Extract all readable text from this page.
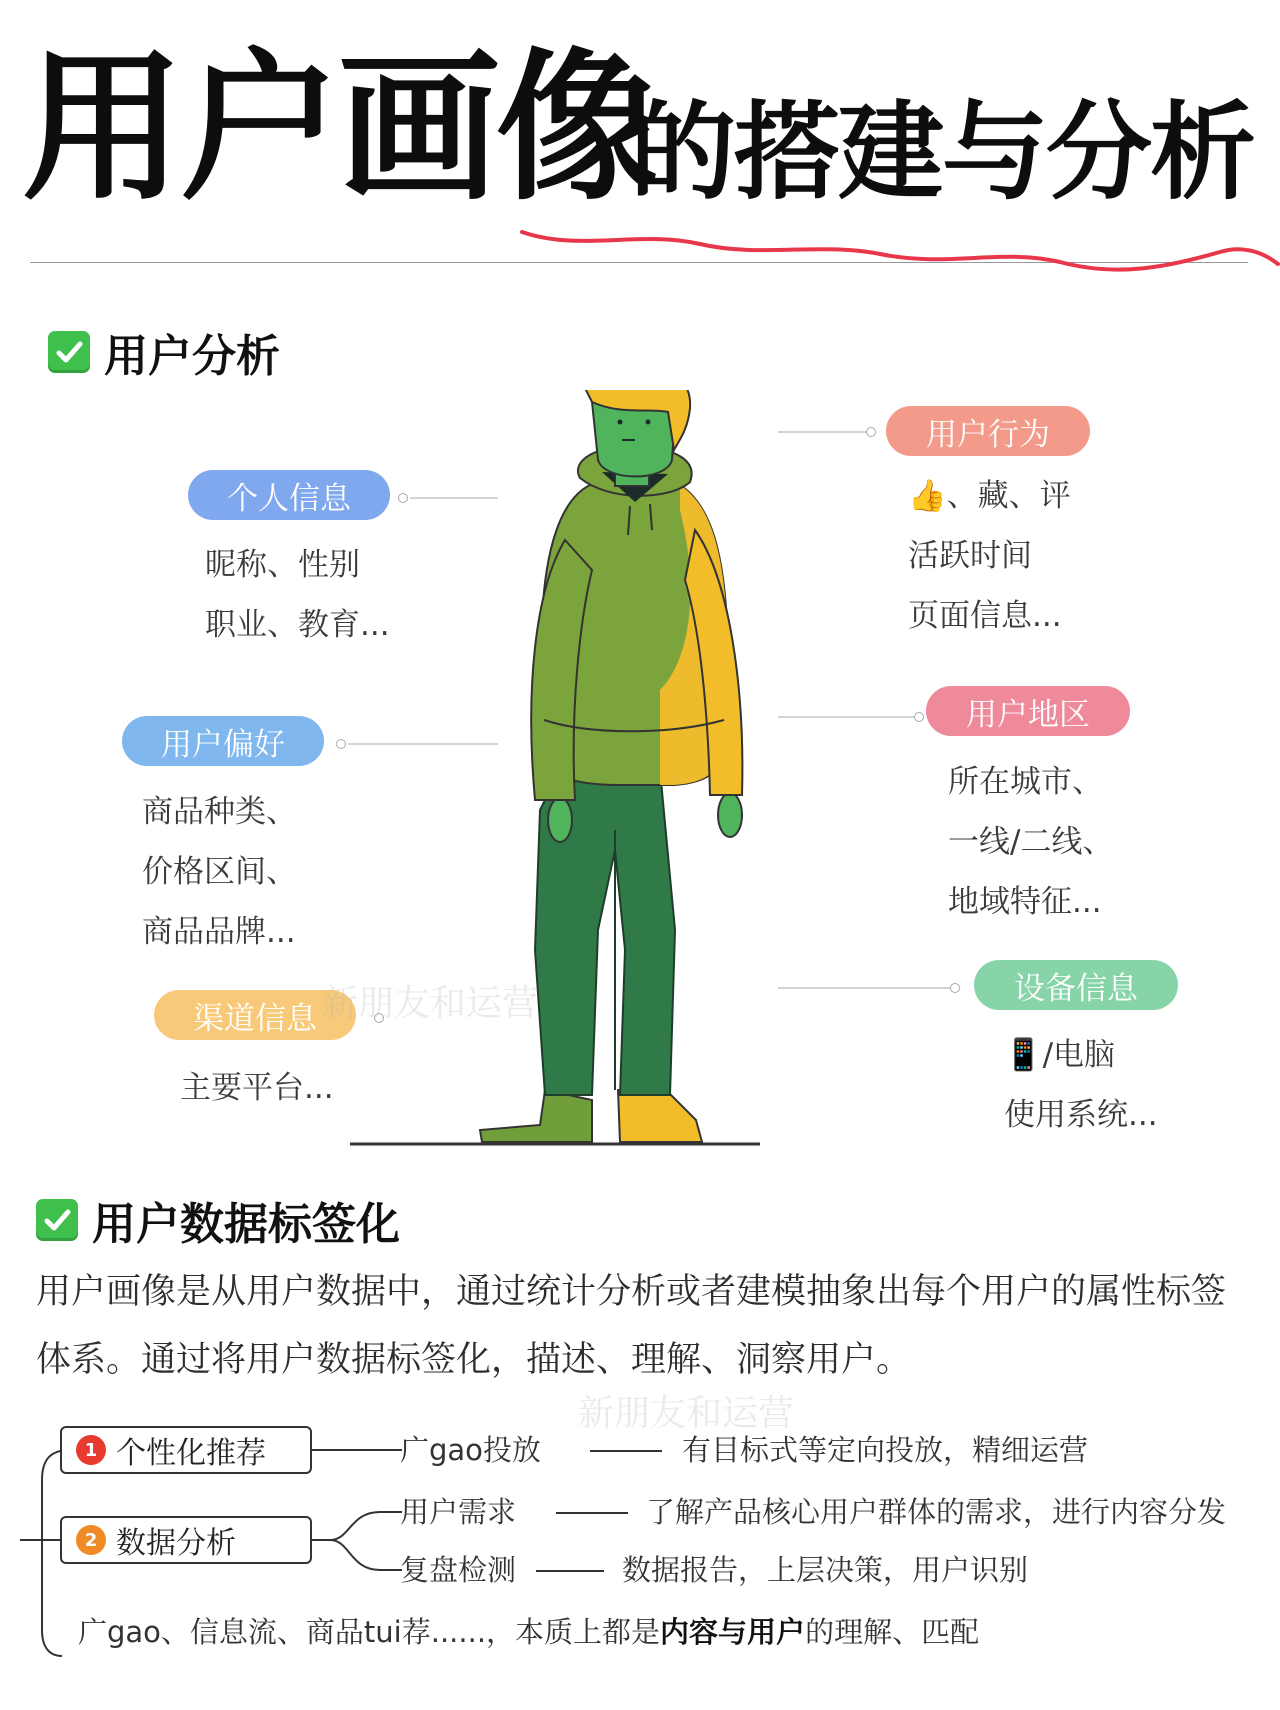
用户画像
的搭建与分析
用户分析
个人信息
昵称、性别
职业、教育...
用户偏好
商品种类、
价格区间、
商品品牌...
渠道信息
主要平台...
用户行为
👍、藏、评
活跃时间
页面信息...
用户地区
所在城市、
一线/二线、
地域特征...
设备信息
📱/电脑
使用系统...
新朋友和运营
新朋友和运营
用户数据标签化
用户画像是从用户数据中，通过统计分析或者建模抽象出每个用户的属性标签体系。通过将用户数据标签化，描述、理解、洞察用户。
1 个性化推荐	广gao投放	有目标式等定向投放，精细运营
2 数据分析
用户需求	了解产品核心用户群体的需求，进行内容分发
复盘检测	数据报告，上层决策，用户识别
广gao、信息流、商品tui荐......，本质上都是内容与用户的理解、匹配
